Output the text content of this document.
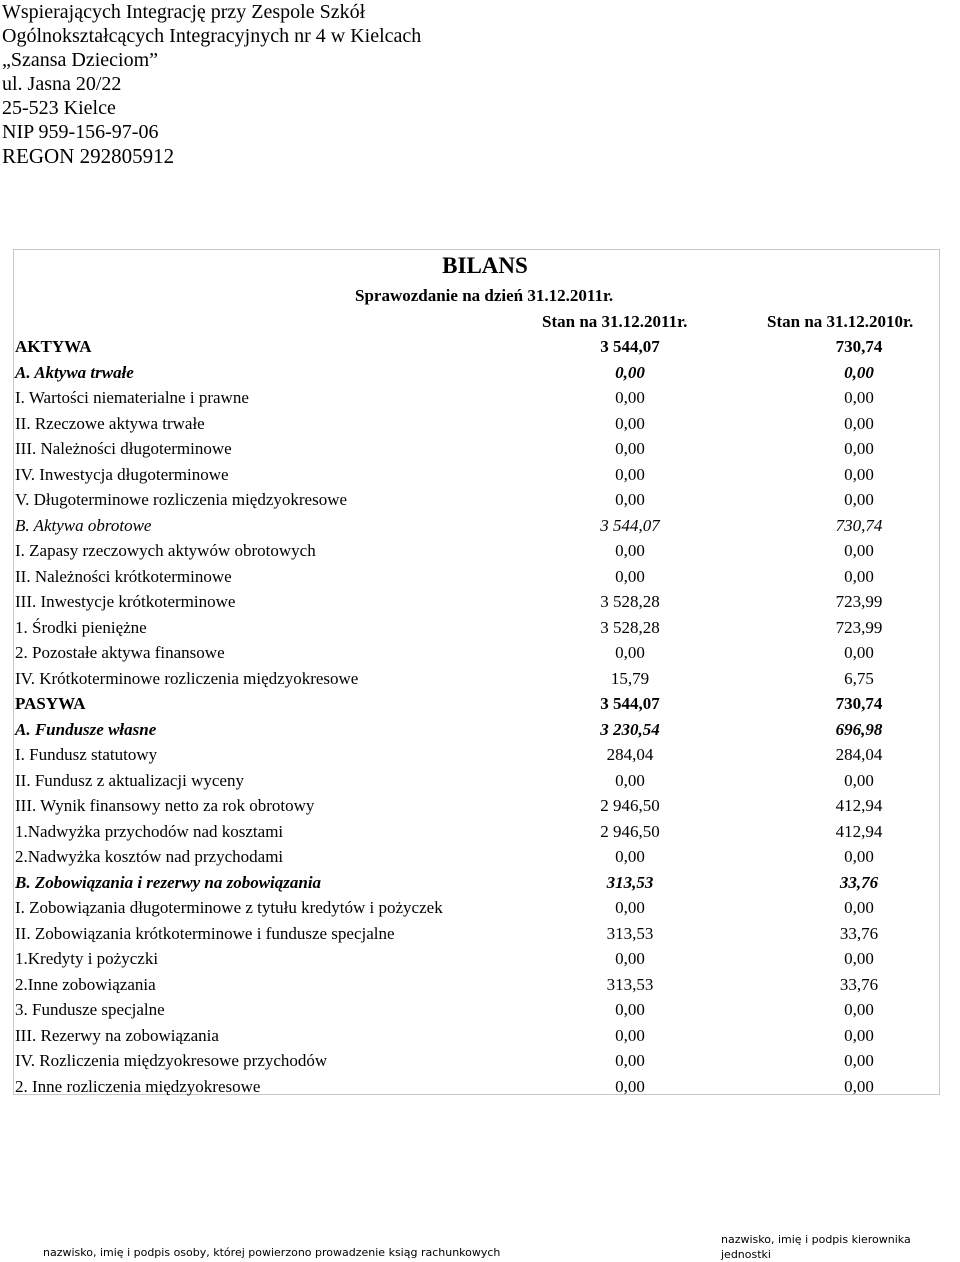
Wspierających Integrację przy Zespole Szkół
Ogólnokształcących Integracyjnych nr 4 w Kielcach
„Szansa Dzieciom”
ul. Jasna 20/22
25-523 Kielce
NIP 959-156-97-06
REGON 292805912
BILANS
Sprawozdanie na dzień 31.12.2011r.
Stan na 31.12.2011r.	Stan na 31.12.2010r.
AKTYWA	3 544,07	730,74
A. Aktywa trwałe	0,00	0,00
I. Wartości niematerialne i prawne	0,00	0,00
II. Rzeczowe aktywa trwałe	0,00	0,00
III. Należności długoterminowe	0,00	0,00
IV. Inwestycja długoterminowe	0,00	0,00
V. Długoterminowe rozliczenia międzyokresowe	0,00	0,00
B. Aktywa obrotowe	3 544,07	730,74
I. Zapasy rzeczowych aktywów obrotowych	0,00	0,00
II. Należności krótkoterminowe	0,00	0,00
III. Inwestycje krótkoterminowe	3 528,28	723,99
1. Środki pieniężne	3 528,28	723,99
2. Pozostałe aktywa finansowe	0,00	0,00
IV. Krótkoterminowe rozliczenia międzyokresowe	15,79	6,75
PASYWA	3 544,07	730,74
A. Fundusze własne	3 230,54	696,98
I. Fundusz statutowy	284,04	284,04
II. Fundusz z aktualizacji wyceny	0,00	0,00
III. Wynik finansowy netto za rok obrotowy	2 946,50	412,94
1.Nadwyżka przychodów nad kosztami	2 946,50	412,94
2.Nadwyżka kosztów nad przychodami	0,00	0,00
B. Zobowiązania i rezerwy na zobowiązania	313,53	33,76
I. Zobowiązania długoterminowe z tytułu kredytów i pożyczek	0,00	0,00
II. Zobowiązania krótkoterminowe i fundusze specjalne	313,53	33,76
1.Kredyty i pożyczki	0,00	0,00
2.Inne zobowiązania	313,53	33,76
3. Fundusze specjalne	0,00	0,00
III. Rezerwy na zobowiązania	0,00	0,00
IV. Rozliczenia międzyokresowe przychodów	0,00	0,00
2. Inne rozliczenia międzyokresowe	0,00	0,00
nazwisko, imię i podpis osoby, której powierzono prowadzenie ksiąg rachunkowych
nazwisko, imię i podpis kierownika
jednostki
